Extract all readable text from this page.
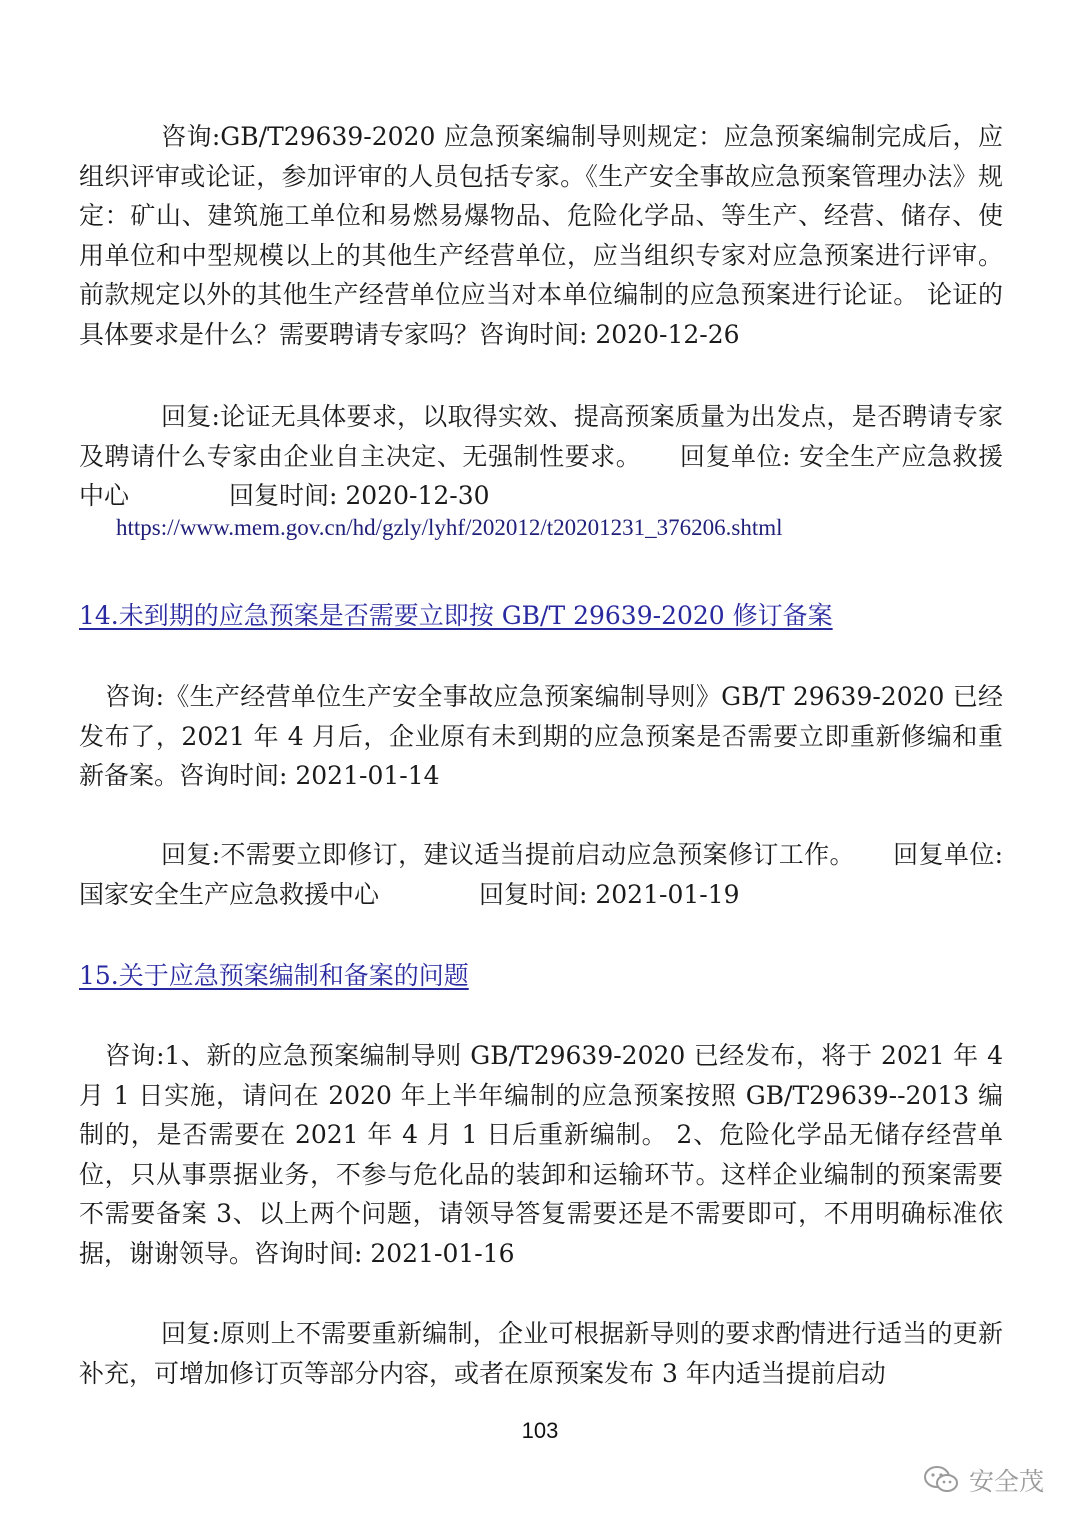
咨询:GB/T29639-2020 应急预案编制导则规定：应急预案编制完成后，应组织评审或论证，参加评审的人员包括专家。《生产安全事故应急预案管理办法》规定：矿山、建筑施工单位和易燃易爆物品、危险化学品、等生产、经营、储存、使用单位和中型规模以上的其他生产经营单位，应当组织专家对应急预案进行评审。前款规定以外的其他生产经营单位应当对本单位编制的应急预案进行论证。 论证的具体要求是什么？需要聘请专家吗？咨询时间: 2020-12-26

回复:论证无具体要求，以取得实效、提高预案质量为出发点，是否聘请专家及聘请什么专家由企业自主决定、无强制性要求。　　回复单位: 安全生产应急救援中心　　　　回复时间: 2020-12-30

https://www.mem.gov.cn/hd/gzly/lyhf/202012/t20201231_376206.shtml

14.未到期的应急预案是否需要立即按 GB/T 29639-2020 修订备案

咨询:《生产经营单位生产安全事故应急预案编制导则》GB/T 29639-2020 已经发布了，2021 年 4 月后，企业原有未到期的应急预案是否需要立即重新修编和重新备案。咨询时间: 2021-01-14

回复:不需要立即修订，建议适当提前启动应急预案修订工作。　　回复单位: 国家安全生产应急救援中心　　　　回复时间: 2021-01-19

15.关于应急预案编制和备案的问题

咨询:1、新的应急预案编制导则 GB/T29639-2020 已经发布，将于 2021 年 4 月 1 日实施，请问在 2020 年上半年编制的应急预案按照 GB/T29639--2013 编制的，是否需要在 2021 年 4 月 1 日后重新编制。 2、危险化学品无储存经营单位，只从事票据业务，不参与危化品的装卸和运输环节。这样企业编制的预案需要不需要备案 3、以上两个问题，请领导答复需要还是不需要即可，不用明确标准依据，谢谢领导。咨询时间: 2021-01-16

回复:原则上不需要重新编制，企业可根据新导则的要求酌情进行适当的更新补充，可增加修订页等部分内容，或者在原预案发布 3 年内适当提前启动

103
安全茂
